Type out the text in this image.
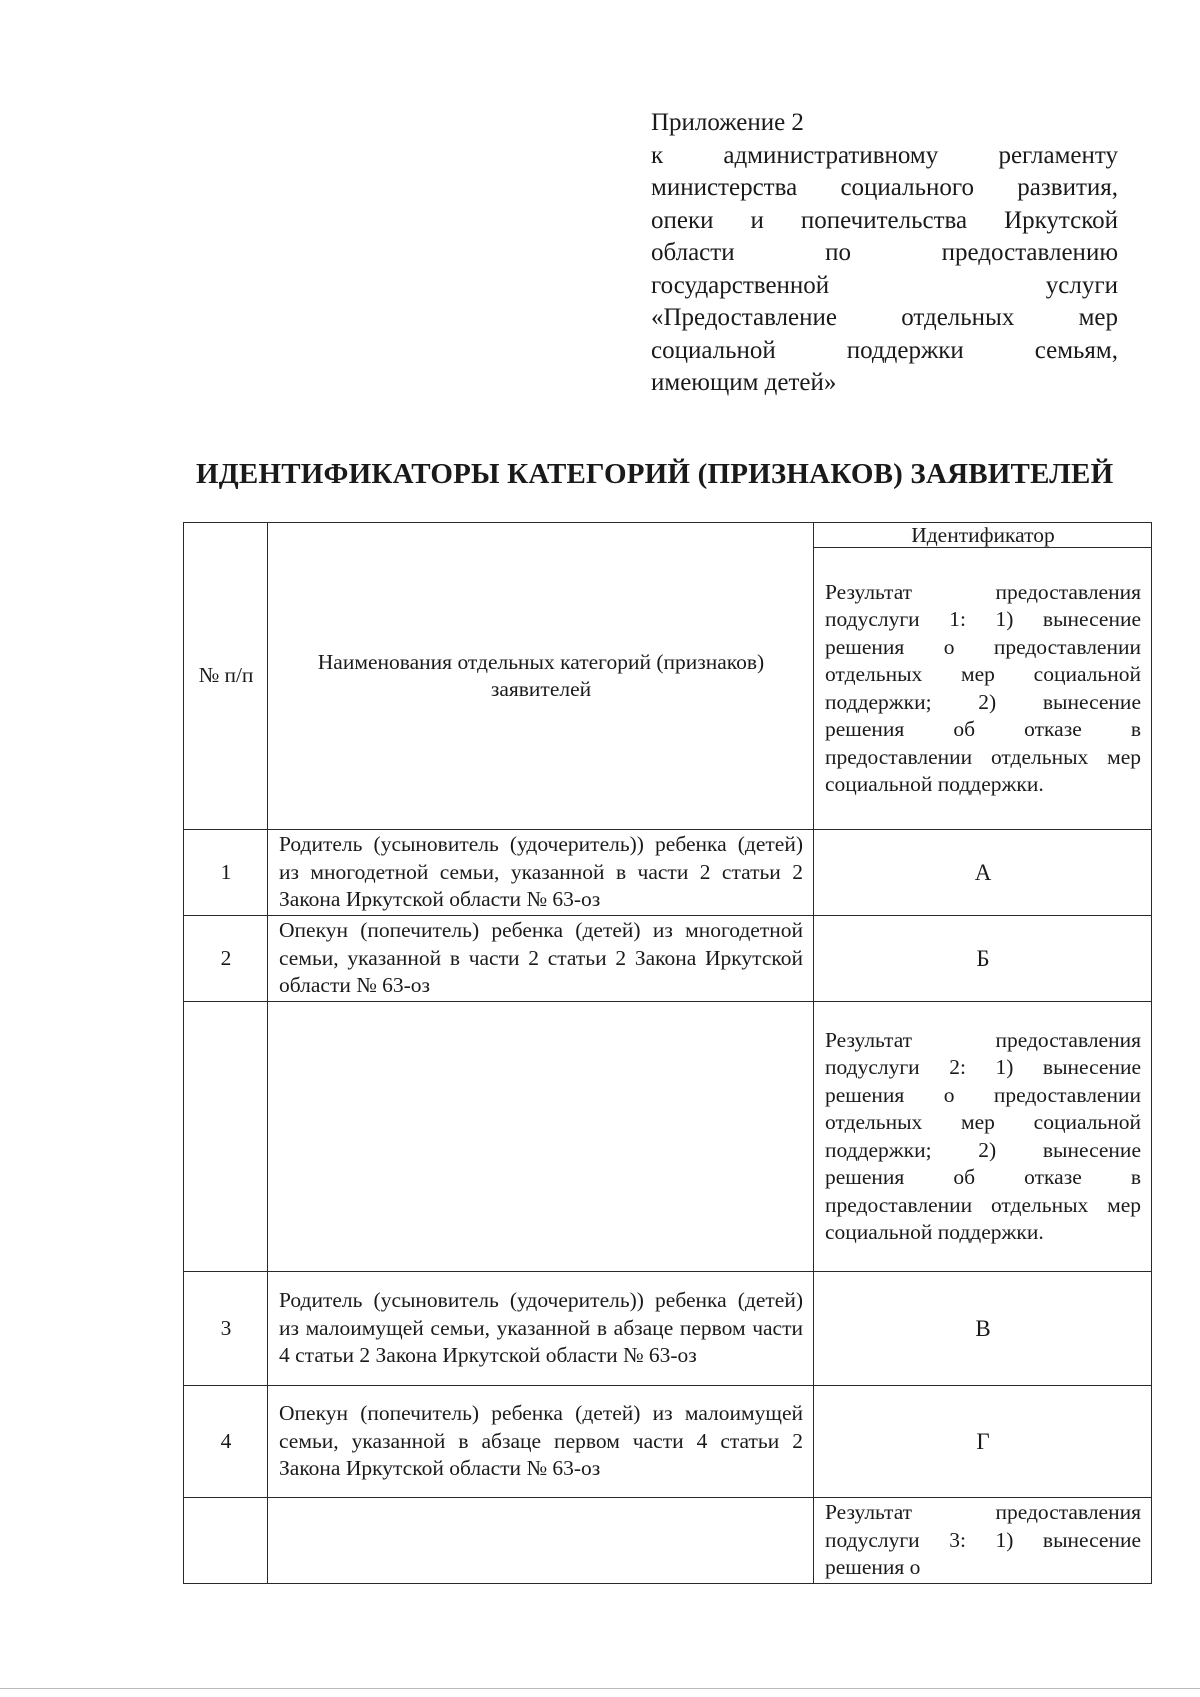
Приложение 2
к административному регламенту
министерства социального развития,
опеки и попечительства Иркутской
области по предоставлению
государственной услуги
«Предоставление отдельных мер
социальной поддержки семьям,
имеющим детей»
ИДЕНТИФИКАТОРЫ КАТЕГОРИЙ (ПРИЗНАКОВ) ЗАЯВИТЕЛЕЙ
№ п/п	Наименования отдельных категорий (признаков) заявителей	Идентификатор
		Результат предоставления подуслуги 1: 1) вынесение решения о предоставлении отдельных мер социальной поддержки; 2) вынесение решения об отказе в предоставлении отдельных мер социальной поддержки.
1	Родитель (усыновитель (удочеритель)) ребенка (детей) из многодетной семьи, указанной в части 2 статьи 2 Закона Иркутской области № 63-оз	А
2	Опекун (попечитель) ребенка (детей) из многодетной семьи, указанной в части 2 статьи 2 Закона Иркутской области № 63-оз	Б
		Результат предоставления подуслуги 2: 1) вынесение решения о предоставлении отдельных мер социальной поддержки; 2) вынесение решения об отказе в предоставлении отдельных мер социальной поддержки.
3	Родитель (усыновитель (удочеритель)) ребенка (детей) из малоимущей семьи, указанной в абзаце первом части 4 статьи 2 Закона Иркутской области № 63-оз	В
4	Опекун (попечитель) ребенка (детей) из малоимущей семьи, указанной в абзаце первом части 4 статьи 2 Закона Иркутской области № 63-оз	Г
		Результат предоставления подуслуги 3: 1) вынесение решения о
